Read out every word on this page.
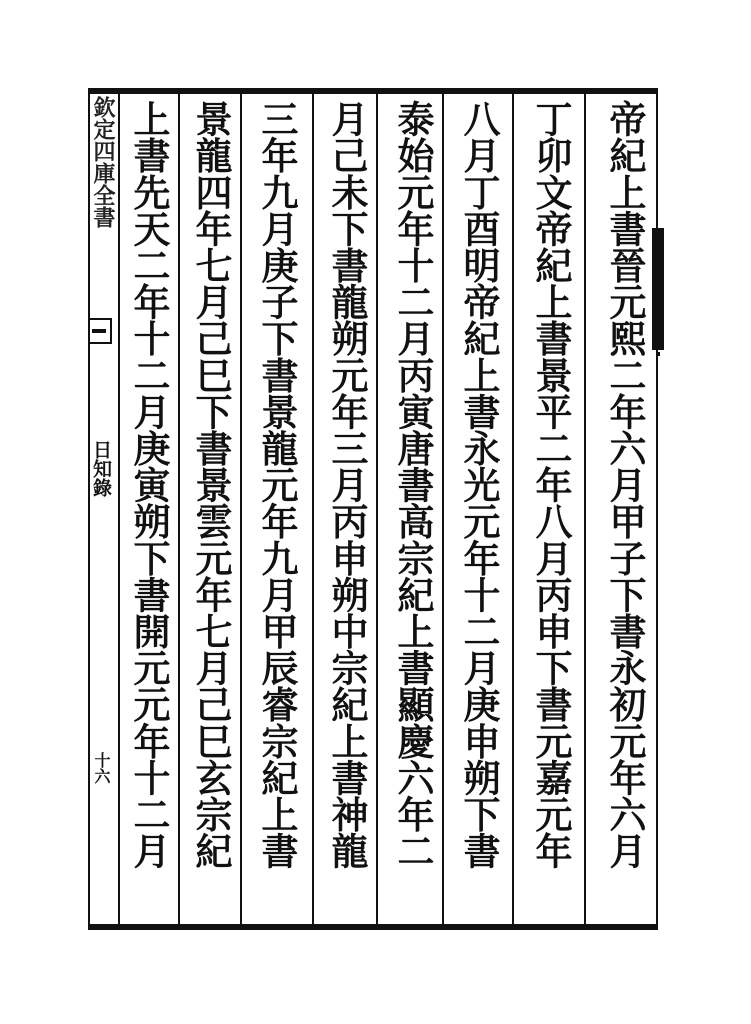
欽定四庫全書
日知錄
十六	帝紀上書晉元熙二年六月甲子下書永初元年六月
丁卯文帝紀上書景平二年八月丙申下書元嘉元年
八月丁酉明帝紀上書永光元年十二月庚申朔下書
泰始元年十二月丙寅唐書高宗紀上書顯慶六年二
月己未下書龍朔元年三月丙申朔中宗紀上書神龍
三年九月庚子下書景龍元年九月甲辰睿宗紀上書
景龍四年七月己巳下書景雲元年七月己巳玄宗紀
上書先天二年十二月庚寅朔下書開元元年十二月
